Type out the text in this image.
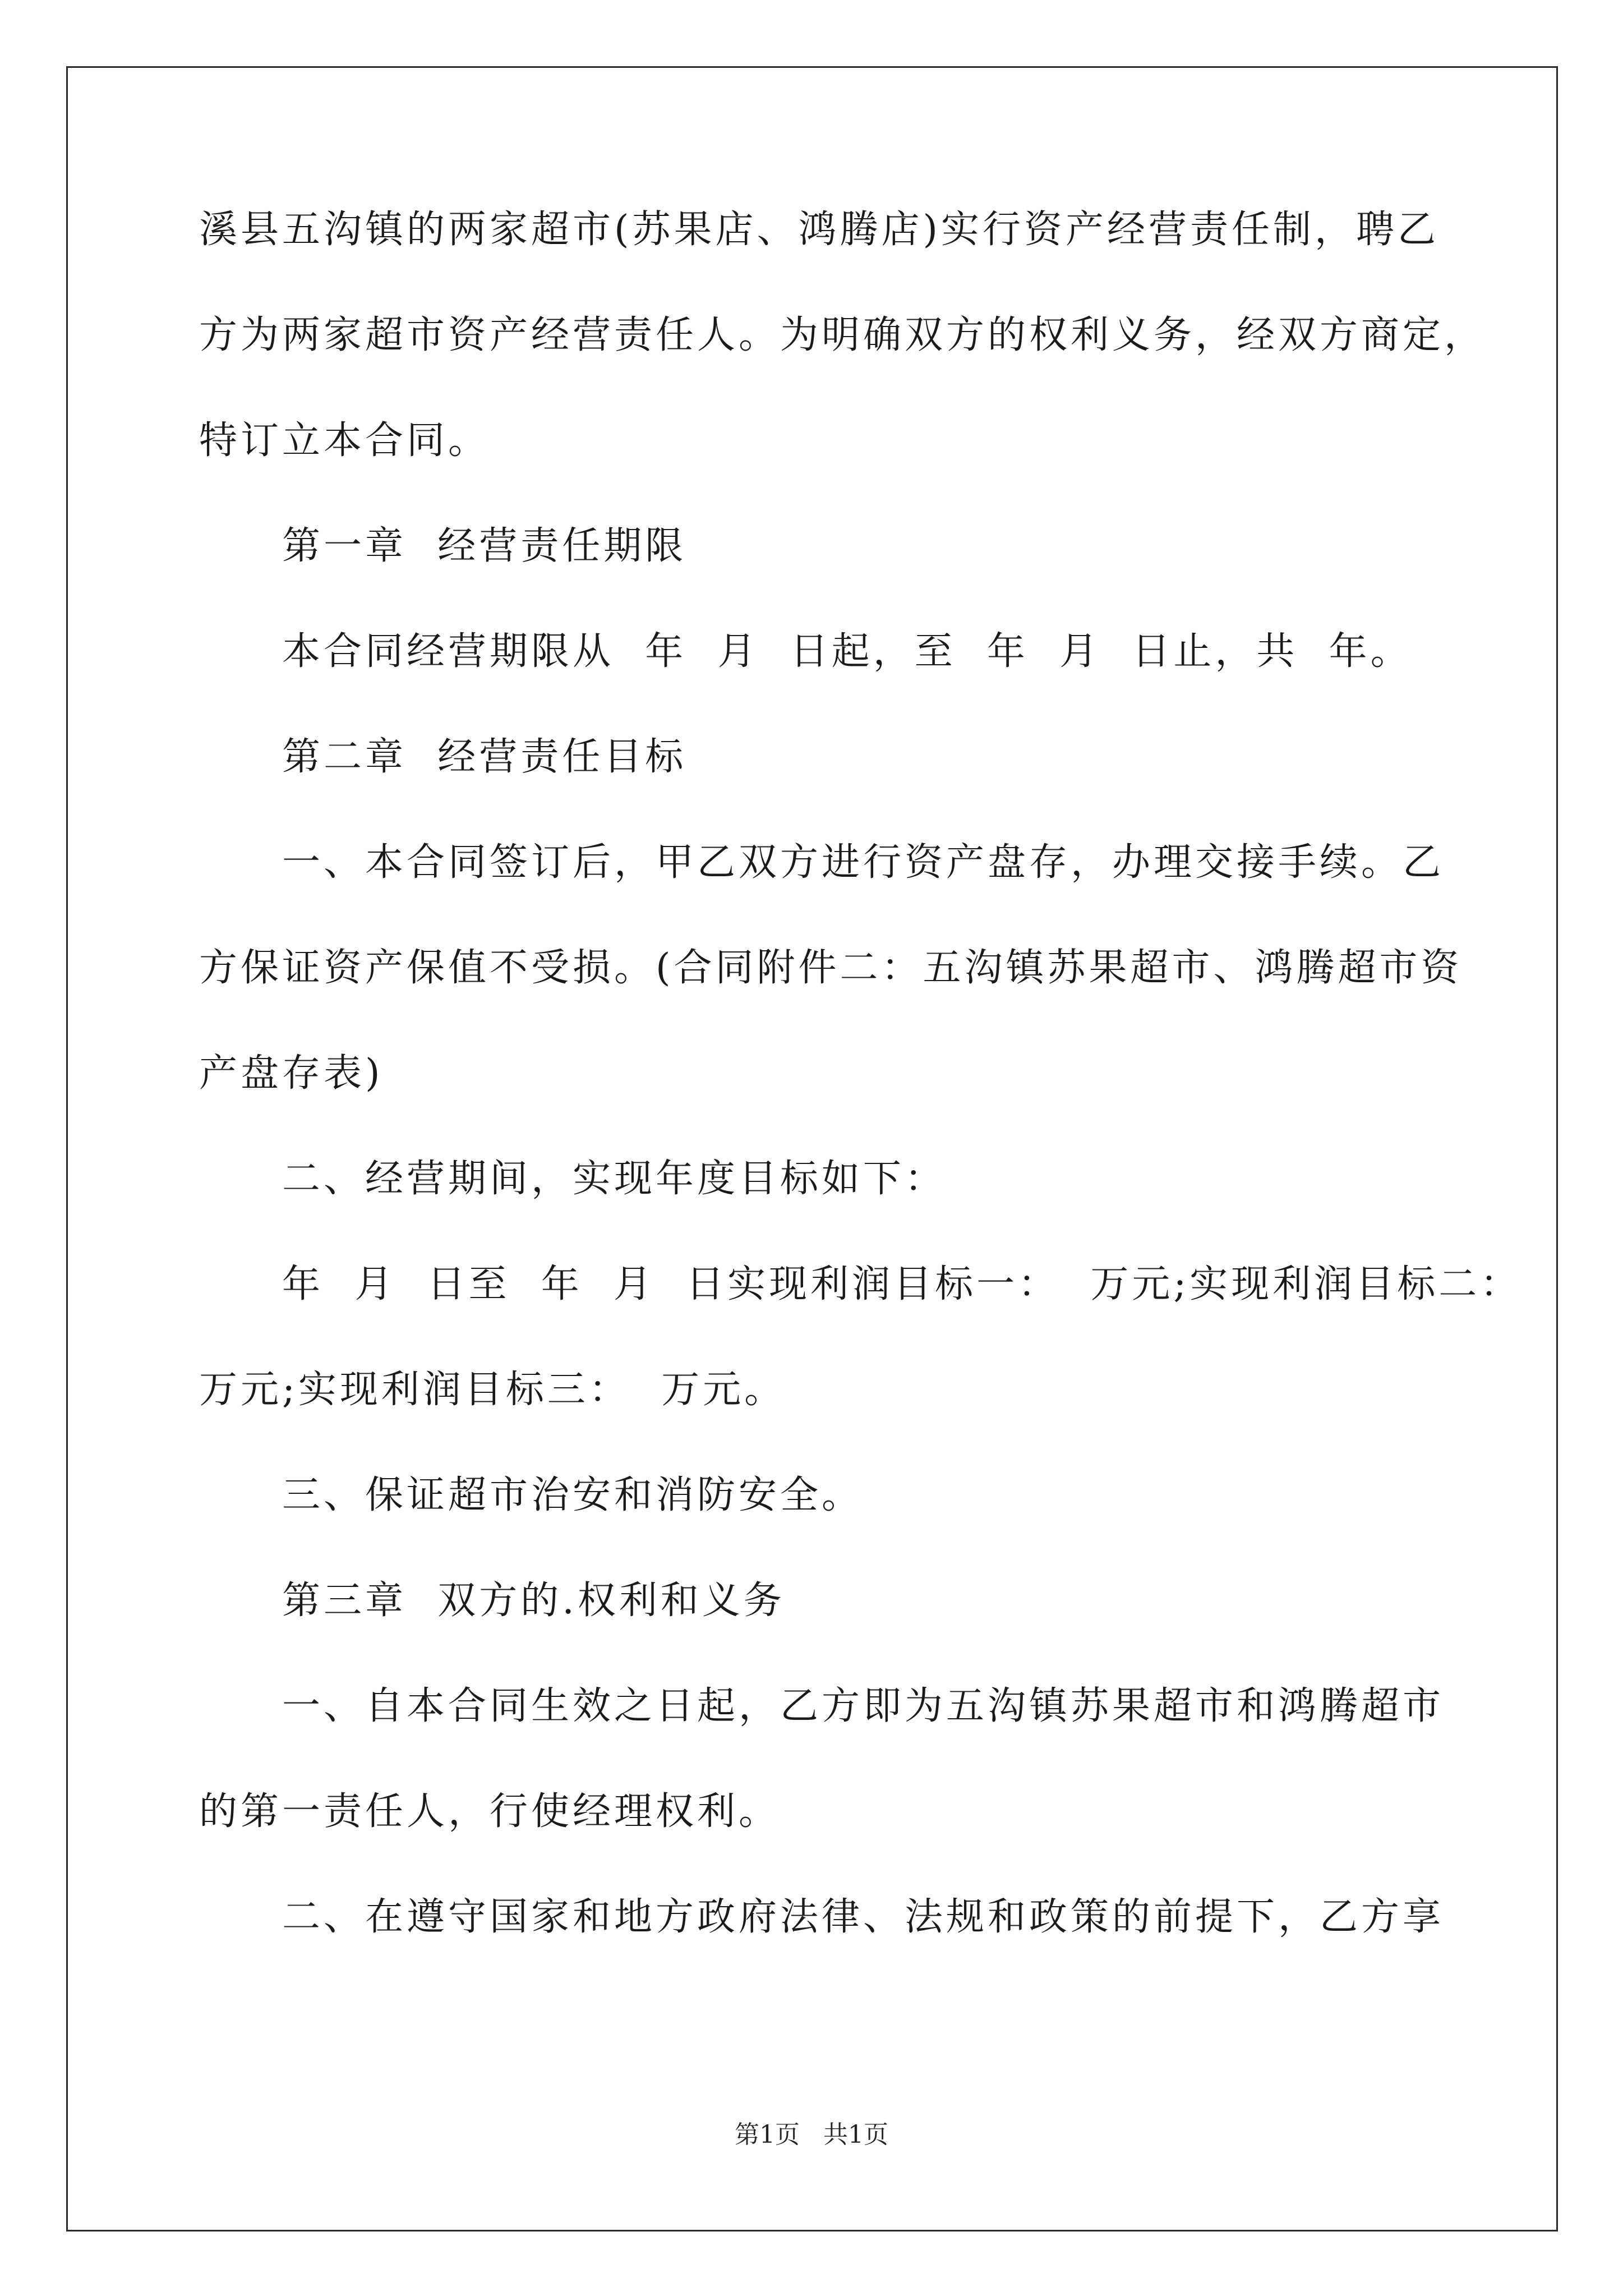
溪县五沟镇的两家超市(苏果店、鸿腾店)实行资产经营责任制，聘乙
方为两家超市资产经营责任人。为明确双方的权利义务，经双方商定，
特订立本合同。
第一章  经营责任期限
本合同经营期限从  年  月  日起，至  年  月  日止，共  年。
第二章  经营责任目标
一、本合同签订后，甲乙双方进行资产盘存，办理交接手续。乙
方保证资产保值不受损。(合同附件二：五沟镇苏果超市、鸿腾超市资
产盘存表)
二、经营期间，实现年度目标如下：
年  月  日至  年  月  日实现利润目标一：  万元;实现利润目标二：
万元;实现利润目标三：  万元。
三、保证超市治安和消防安全。
第三章  双方的.权利和义务
一、自本合同生效之日起，乙方即为五沟镇苏果超市和鸿腾超市
的第一责任人，行使经理权利。
二、在遵守国家和地方政府法律、法规和政策的前提下，乙方享
第1页   共1页
